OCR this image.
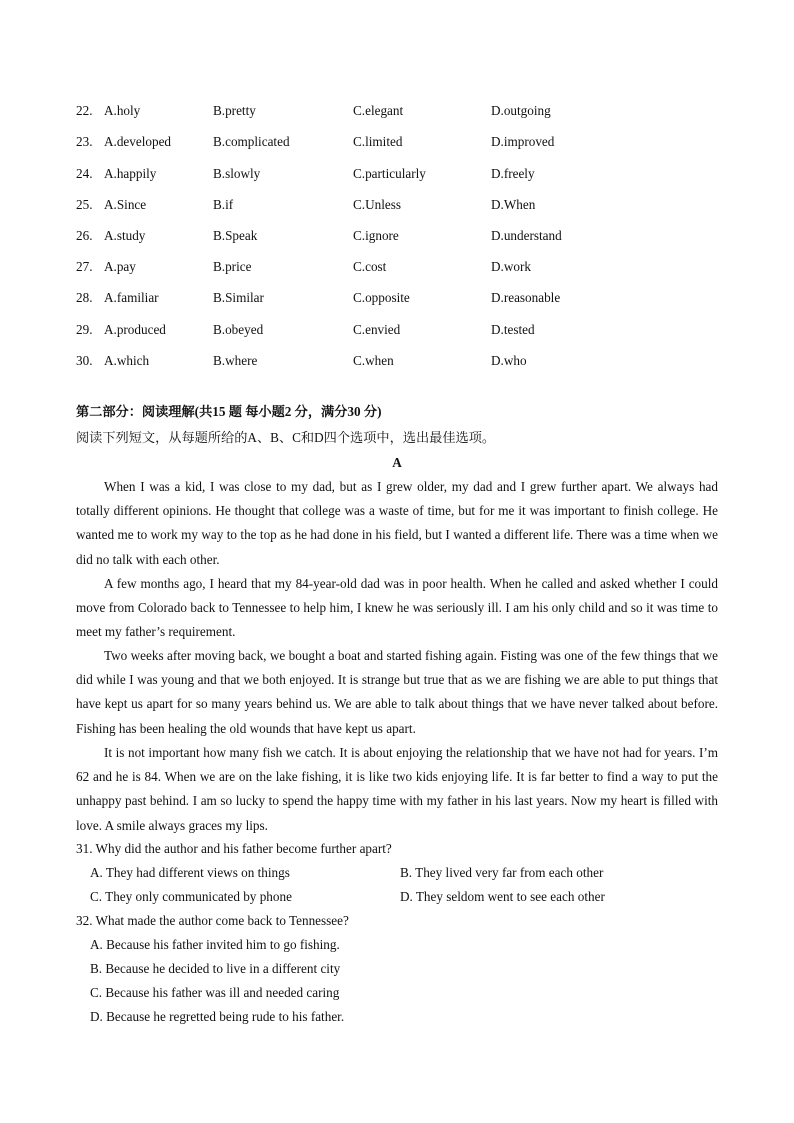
22. A.holy	B.pretty	C.elegant	D.outgoing
23. A.developed	B.complicated	C.limited	D.improved
24. A.happily	B.slowly	C.particularly	D.freely
25. A.Since	B.if	C.Unless	D.When
26. A.study	B.Speak	C.ignore	D.understand
27. A.pay	B.price	C.cost	D.work
28. A.familiar	B.Similar	C.opposite	D.reasonable
29. A.produced	B.obeyed	C.envied	D.tested
30. A.which	B.where	C.when	D.who
第二部分：阅读理解(共15 题 每小题2 分，满分30 分)
阅读下列短文，从每题所给的A、B、C和D四个选项中，选出最佳选项。
A

When I was a kid, I was close to my dad, but as I grew older, my dad and I grew further apart. We always had totally different opinions. He thought that college was a waste of time, but for me it was important to finish college. He wanted me to work my way to the top as he had done in his field, but I wanted a different life. There was a time when we did no talk with each other.

A few months ago, I heard that my 84-year-old dad was in poor health. When he called and asked whether I could move from Colorado back to Tennessee to help him, I knew he was seriously ill. I am his only child and so it was time to meet my father’s requirement.

Two weeks after moving back, we bought a boat and started fishing again. Fisting was one of the few things that we did while I was young and that we both enjoyed. It is strange but true that as we are fishing we are able to put things that have kept us apart for so many years behind us. We are able to talk about things that we have never talked about before. Fishing has been healing the old wounds that have kept us apart.

It is not important how many fish we catch. It is about enjoying the relationship that we have not had for years. I’m 62 and he is 84. When we are on the lake fishing, it is like two kids enjoying life. It is far better to find a way to put the unhappy past behind. I am so lucky to spend the happy time with my father in his last years. Now my heart is filled with love. A smile always graces my lips.

31. Why did the author and his father become further apart?
A. They had different views on things	B. They lived very far from each other
C. They only communicated by phone	D. They seldom went to see each other
32. What made the author come back to Tennessee?
A. Because his father invited him to go fishing.
B. Because he decided to live in a different city
C. Because his father was ill and needed caring
D. Because he regretted being rude to his father.
